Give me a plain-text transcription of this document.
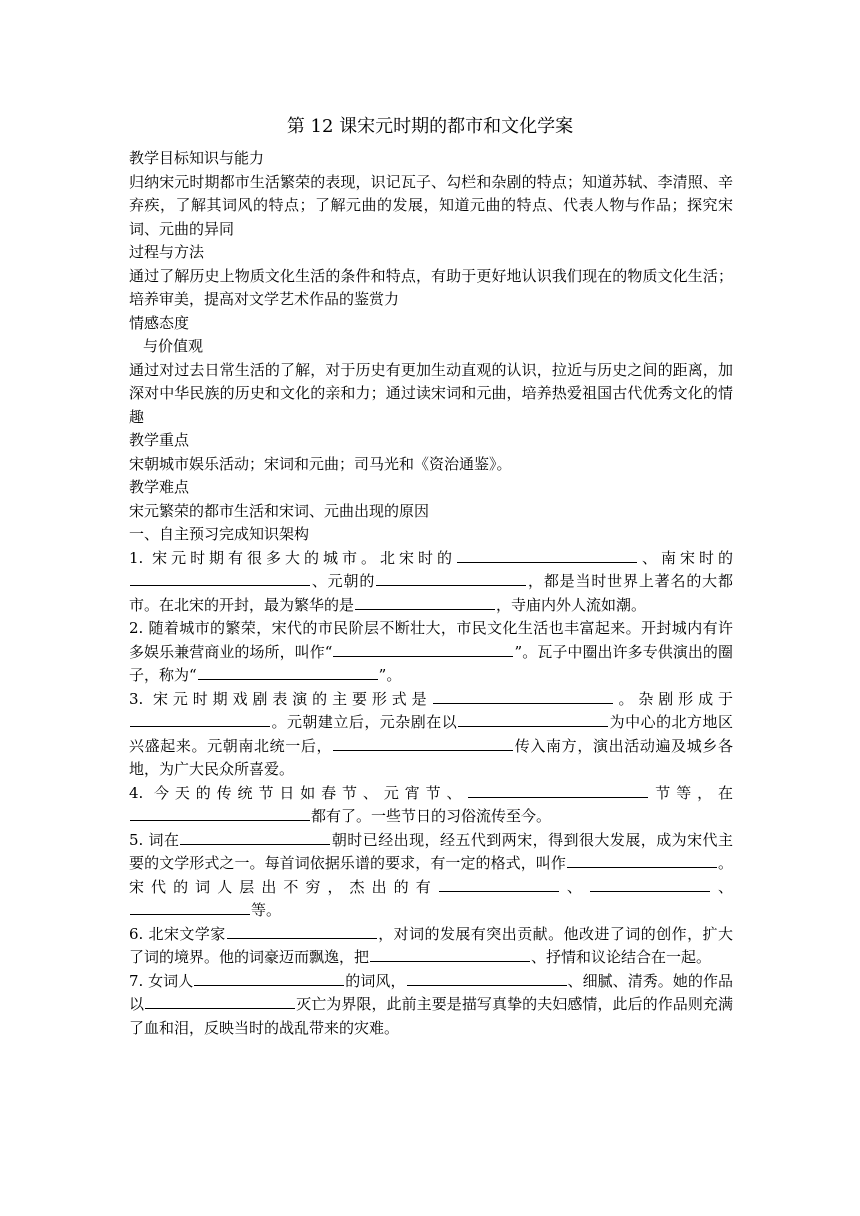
第 12 课宋元时期的都市和文化学案

教学目标知识与能力

归纳宋元时期都市生活繁荣的表现，识记瓦子、勾栏和杂剧的特点；知道苏轼、李清照、辛弃疾，了解其词风的特点；了解元曲的发展，知道元曲的特点、代表人物与作品；探究宋词、元曲的异同

过程与方法

通过了解历史上物质文化生活的条件和特点，有助于更好地认识我们现在的物质文化生活；培养审美，提高对文学艺术作品的鉴赏力

情感态度

与价值观

通过对过去日常生活的了解，对于历史有更加生动直观的认识，拉近与历史之间的距离，加深对中华民族的历史和文化的亲和力；通过读宋词和元曲，培养热爱祖国古代优秀文化的情趣

教学重点

宋朝城市娱乐活动；宋词和元曲；司马光和《资治通鉴》。

教学难点

宋元繁荣的都市生活和宋词、元曲出现的原因

一、自主预习完成知识架构

1. 宋元时期有很多大的城市。北宋时的	、南宋时的、元朝的	，都是当时世界上著名的大都市。在北宋的开封，最为繁华的是	，寺庙内外人流如潮。

2. 随着城市的繁荣，宋代的市民阶层不断壮大，市民文化生活也丰富起来。开封城内有许多娱乐兼营商业的场所，叫作“	”。瓦子中圈出许多专供演出的圈子，称为“	”。

3. 宋元时期戏剧表演的主要形式是	。杂剧形成于。元朝建立后，元杂剧在以	为中心的北方地区兴盛起来。元朝南北统一后，	传入南方，演出活动遍及城乡各地，为广大民众所喜爱。

4. 今天的传统节日如春节、元宵节、	节等，在都有了。一些节日的习俗流传至今。

5. 词在	朝时已经出现，经五代到两宋，得到很大发展，成为宋代主要的文学形式之一。每首词依据乐谱的要求，有一定的格式，叫作	。宋代的词人层出不穷，杰出的有	、	、等。

6. 北宋文学家	，对词的发展有突出贡献。他改进了词的创作，扩大了词的境界。他的词豪迈而飘逸，把	、抒情和议论结合在一起。

7. 女词人	的词风，	、细腻、清秀。她的作品以	灭亡为界限，此前主要是描写真挚的夫妇感情，此后的作品则充满了血和泪，反映当时的战乱带来的灾难。
